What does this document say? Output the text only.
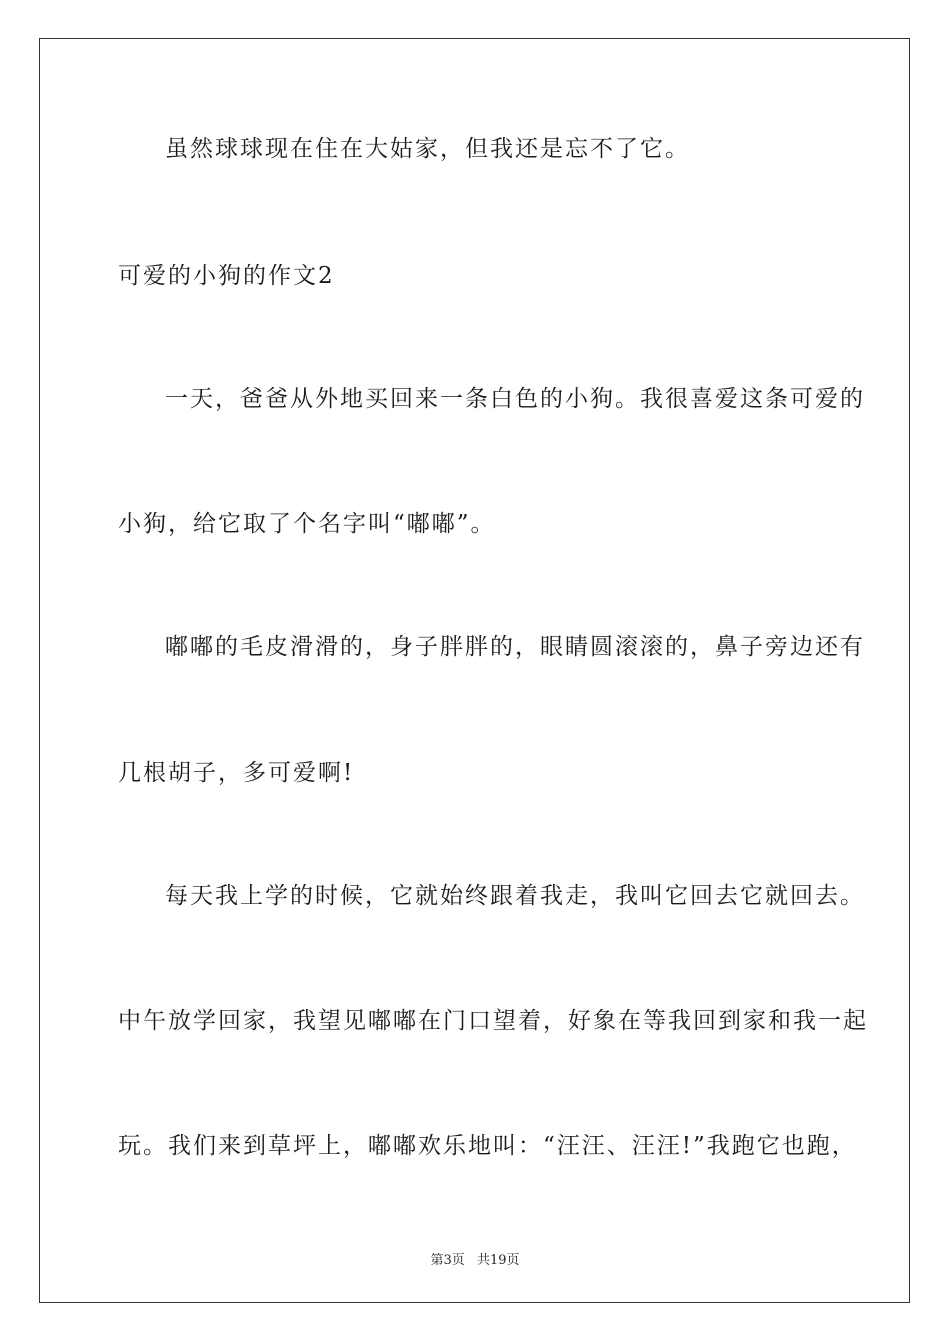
虽然球球现在住在大姑家，但我还是忘不了它。
可爱的小狗的作文2
一天，爸爸从外地买回来一条白色的小狗。我很喜爱这条可爱的
小狗，给它取了个名字叫“嘟嘟”。
嘟嘟的毛皮滑滑的，身子胖胖的，眼睛圆滚滚的，鼻子旁边还有
几根胡子，多可爱啊!
每天我上学的时候，它就始终跟着我走，我叫它回去它就回去。
中午放学回家，我望见嘟嘟在门口望着，好象在等我回到家和我一起
玩。我们来到草坪上，嘟嘟欢乐地叫：“汪汪、汪汪!”我跑它也跑，
第3页 共19页
